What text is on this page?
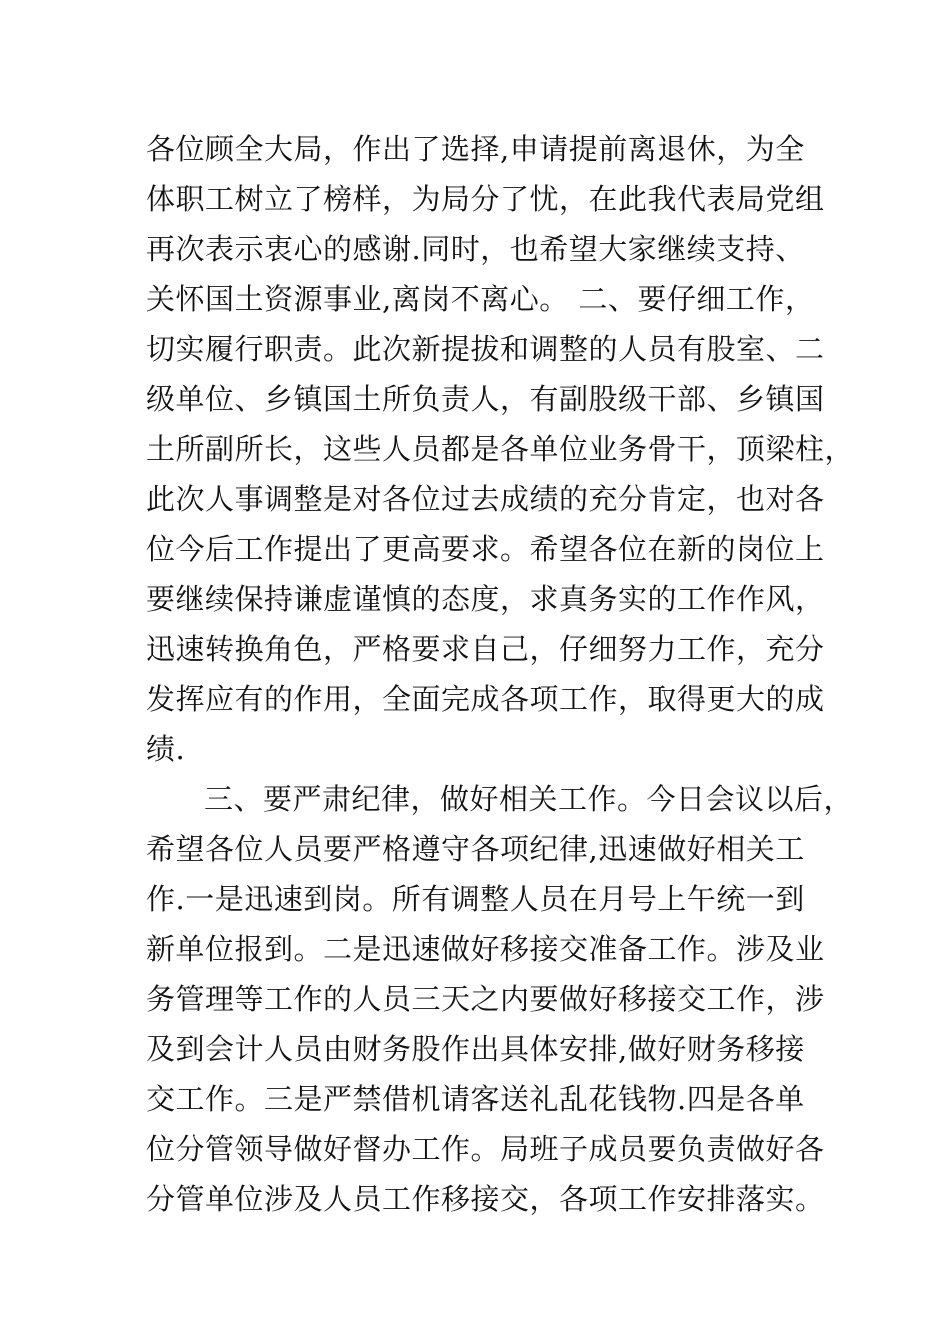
各位顾全大局，作出了选择,申请提前离退休，为全
体职工树立了榜样，为局分了忧，在此我代表局党组
再次表示衷心的感谢.同时，也希望大家继续支持、
关怀国土资源事业,离岗不离心。 二、要仔细工作，
切实履行职责。此次新提拔和调整的人员有股室、二
级单位、乡镇国土所负责人，有副股级干部、乡镇国
土所副所长，这些人员都是各单位业务骨干，顶梁柱，
此次人事调整是对各位过去成绩的充分肯定，也对各
位今后工作提出了更高要求。希望各位在新的岗位上
要继续保持谦虚谨慎的态度，求真务实的工作作风，
迅速转换角色，严格要求自己，仔细努力工作，充分
发挥应有的作用，全面完成各项工作，取得更大的成
绩.
三、要严肃纪律，做好相关工作。今日会议以后，
希望各位人员要严格遵守各项纪律,迅速做好相关工
作.一是迅速到岗。所有调整人员在月号上午统一到
新单位报到。二是迅速做好移接交准备工作。涉及业
务管理等工作的人员三天之内要做好移接交工作，涉
及到会计人员由财务股作出具体安排,做好财务移接
交工作。三是严禁借机请客送礼乱花钱物.四是各单
位分管领导做好督办工作。局班子成员要负责做好各
分管单位涉及人员工作移接交，各项工作安排落实。
